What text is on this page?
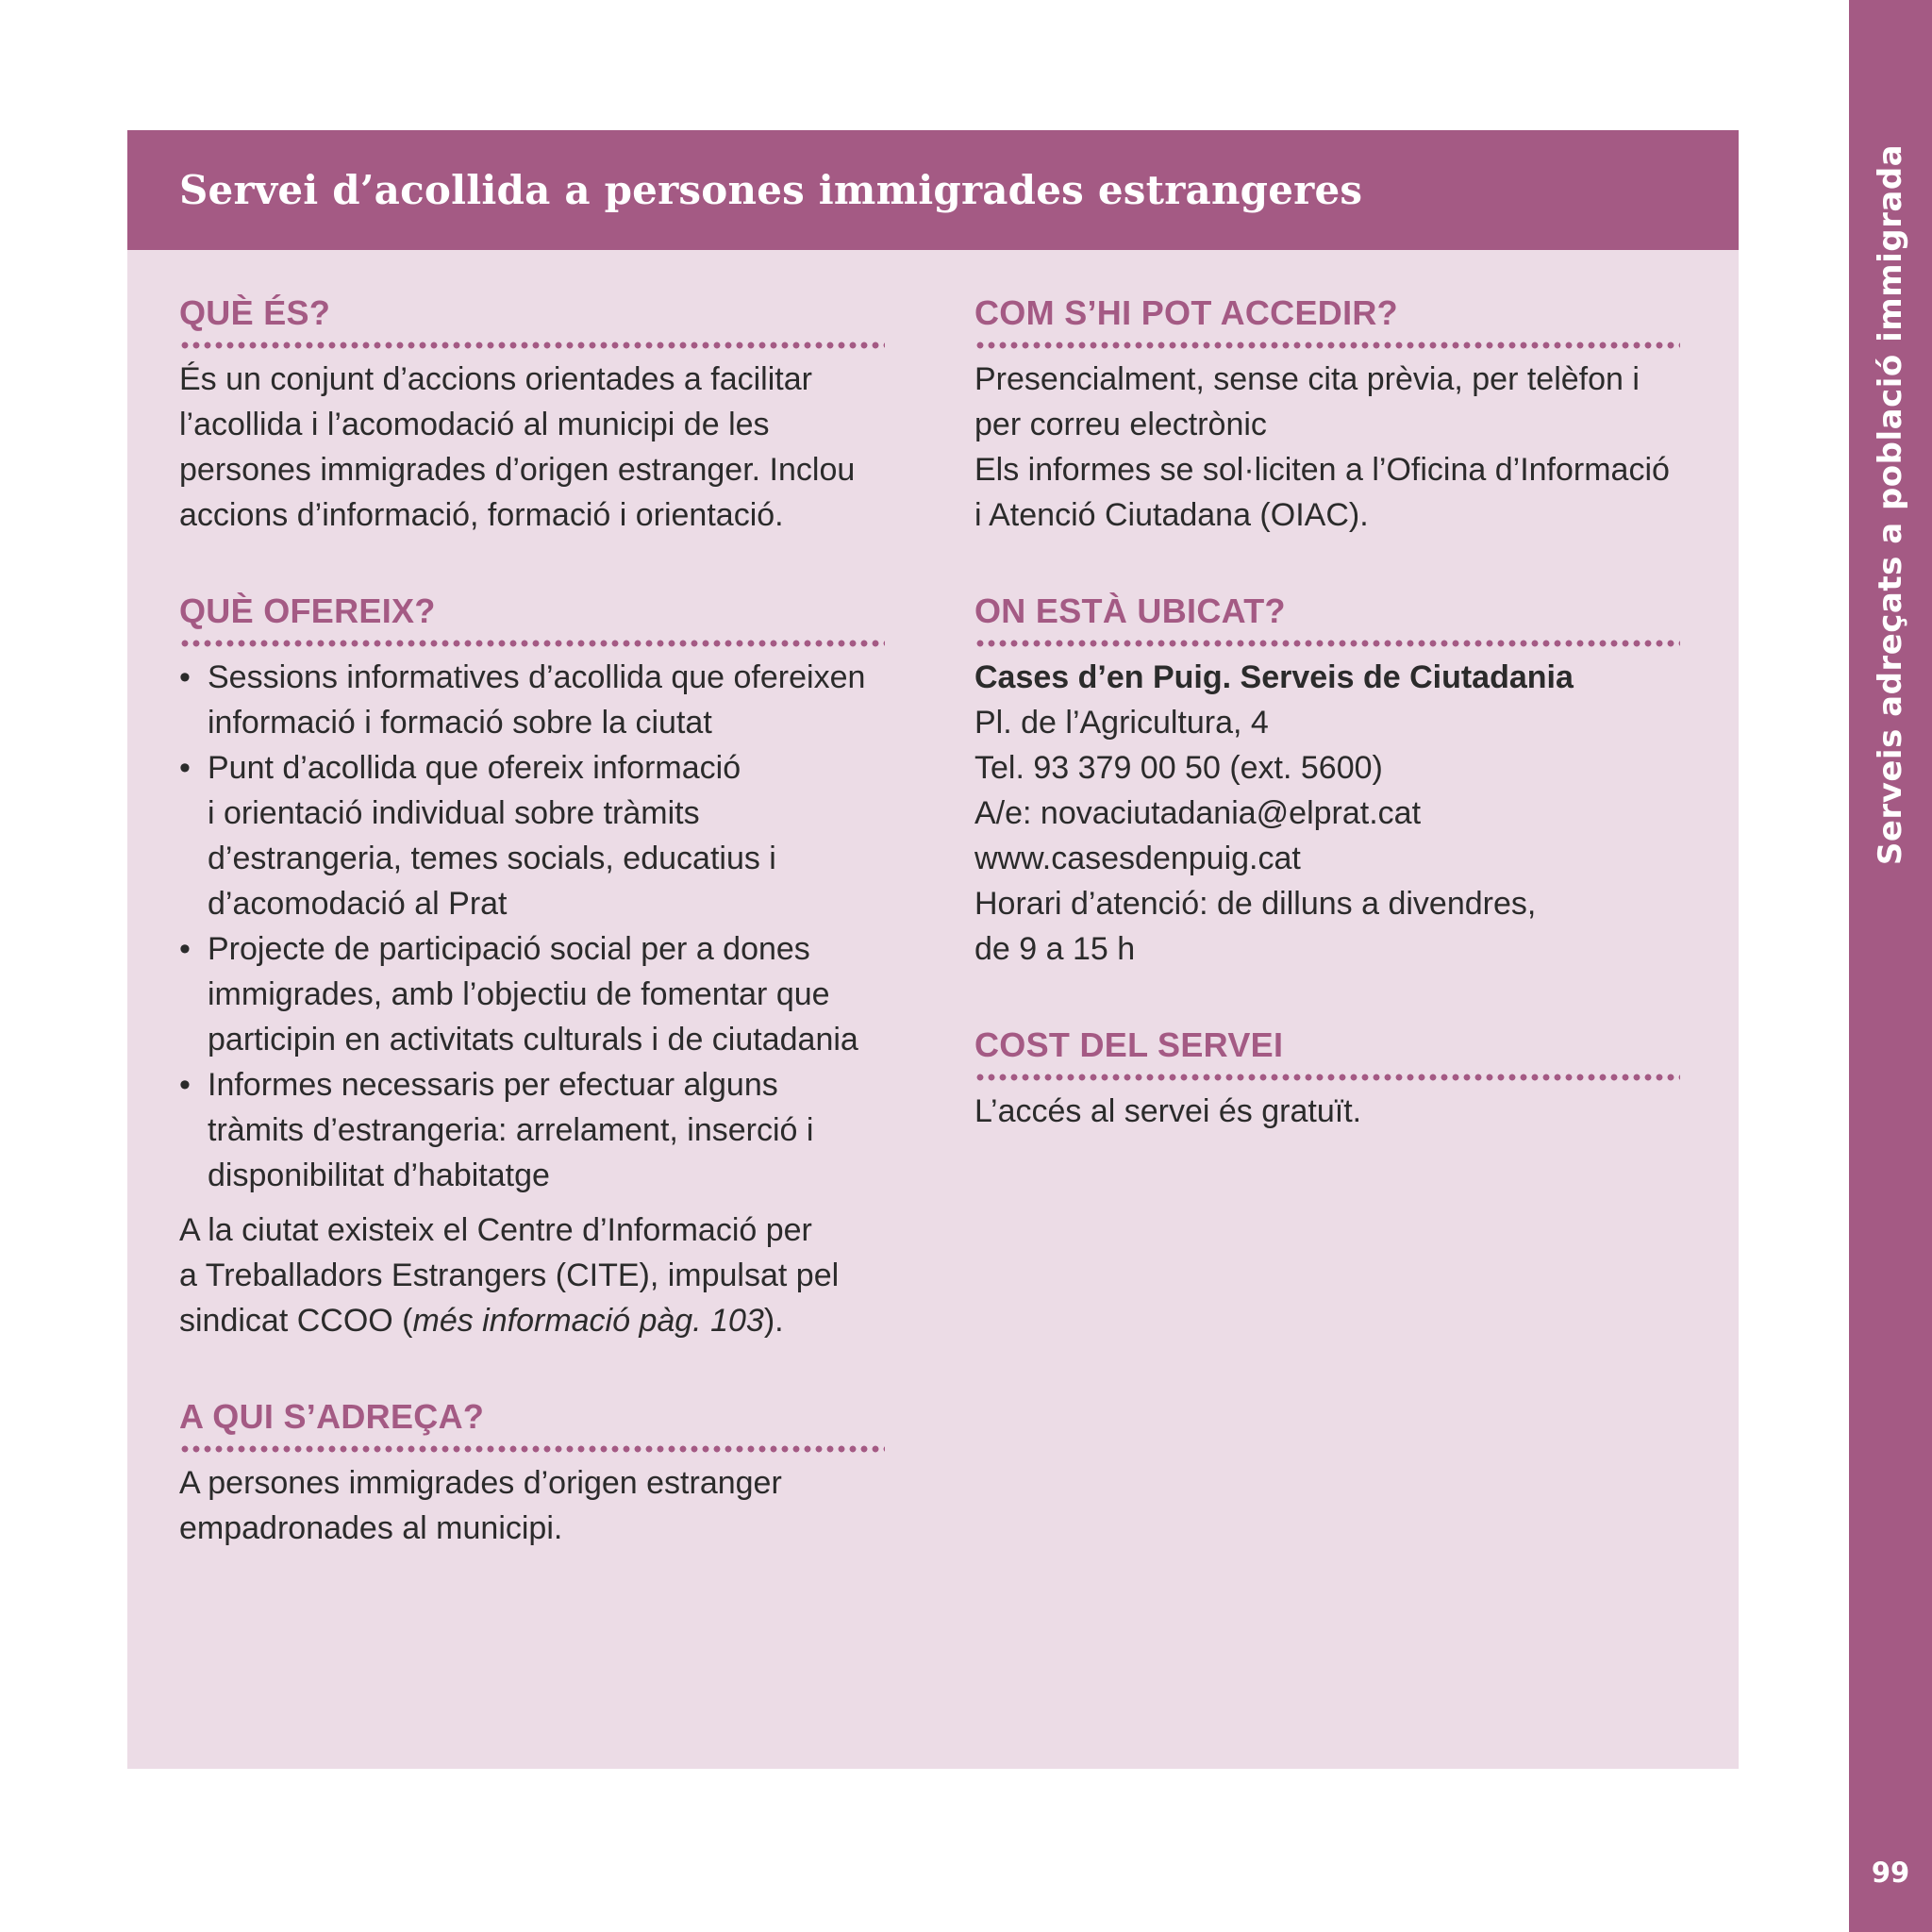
Serveis adreçats a població immigrada
99
Servei d’acollida a persones immigrades estrangeres
QUÈ ÉS?

És un conjunt d’accions orientades a facilitar

l’acollida i l’acomodació al municipi de les

persones immigrades d’origen estranger. Inclou

accions d’informació, formació i orientació.

QUÈ OFEREIX?
• Sessions informatives d’acollida que ofereixen
informació i formació sobre la ciutat
• Punt d’acollida que ofereix informació
i orientació individual sobre tràmits
d’estrangeria, temes socials, educatius i
d’acomodació al Prat
• Projecte de participació social per a dones
immigrades, amb l’objectiu de fomentar que
participin en activitats culturals i de ciutadania
• Informes necessaris per efectuar alguns
tràmits d’estrangeria: arrelament, inserció i
disponibilitat d’habitatge

A la ciutat existeix el Centre d’Informació per

a Treballadors Estrangers (CITE), impulsat pel

sindicat CCOO (més informació pàg. 103).

A QUI S’ADREÇA?

A persones immigrades d’origen estranger

empadronades al municipi.

COM S’HI POT ACCEDIR?

Presencialment, sense cita prèvia, per telèfon i

per correu electrònic

Els informes se sol·liciten a l’Oficina d’Informació

i Atenció Ciutadana (OIAC).

ON ESTÀ UBICAT?

Cases d’en Puig. Serveis de Ciutadania

Pl. de l’Agricultura, 4

Tel. 93 379 00 50 (ext. 5600)

A/e: novaciutadania@elprat.cat

www.casesdenpuig.cat

Horari d’atenció: de dilluns a divendres,

de 9 a 15 h

COST DEL SERVEI

L’accés al servei és gratuït.
